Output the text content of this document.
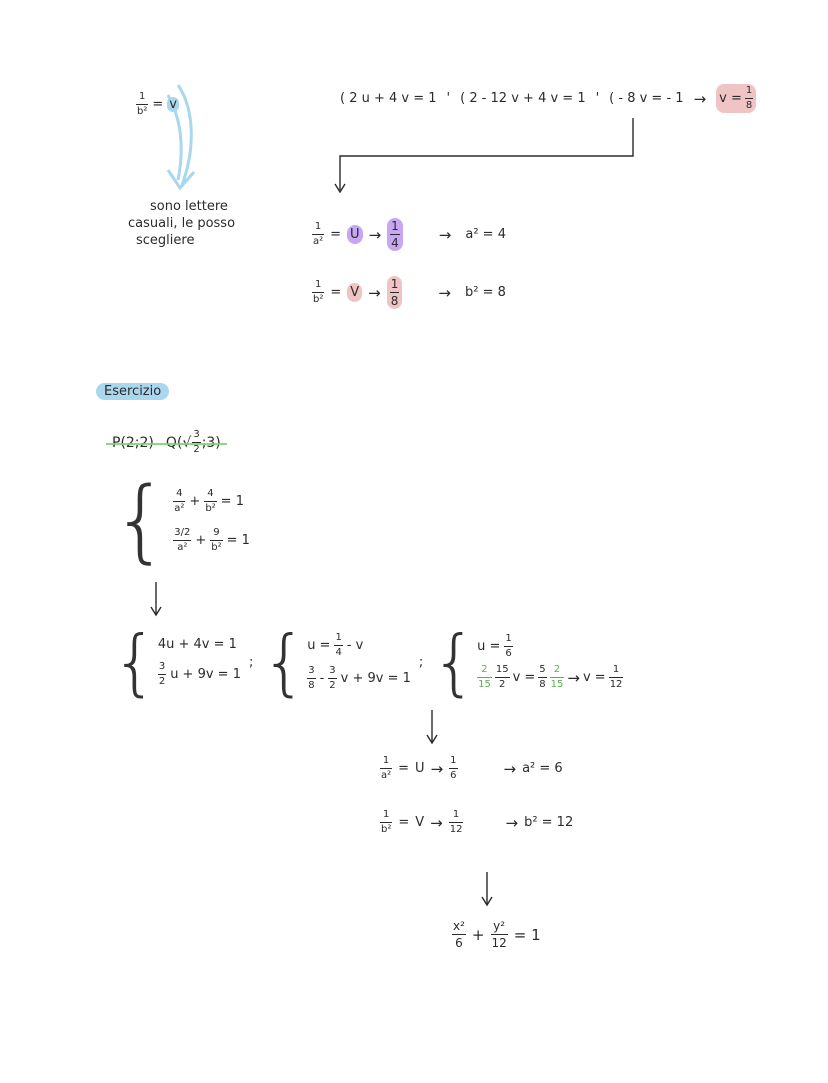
$\frac{1}{\text{b²}} = v$
sono lettere
casuali, le posso
scegliere
( 2 u + 4 v = 1 ' ( 2 - 12 v + 4 v = 1 ' ( - 8 v = - $1 \to v = \frac{1}{8}$
$\frac{1}{\text{a²}} = U \to \frac{1}{4} \to a^2 = 4$
$\frac{1}{\text{b²}} = V \to \frac{1}{8} \to b^2 = 8$
Esercizio
P(2;2) $Q(√ \frac{3}{2}$ ;3)
{ $\frac{4}{\text{a²}} + \frac{4}{\text{b²}} = 1$
$\frac{3/2}{\text{a²}} + \frac{9}{\text{b²}} = 1$
{ 4u + 4v = 1
$\frac{3}{2}$ u + 9v = 1
; { $u = \frac{1}{4} - v$
$\frac{3}{8} - \frac{3}{2}$ v + 9v = 1
; { $u = \frac{1}{6}$
$\frac{2}{15} \frac{15}{2}$ $v = \frac{5}{8} \frac{2}{15} \to v = \frac{1}{12}$
$\frac{1}{\text{a²}} = U \to \frac{1}{6}$	→ a² = 6
$\frac{1}{\text{b²}} = V \to \frac{1}{12}$	→ b² = 12
$\frac{\text{x²}}{6} + \frac{\text{y²}}{12} = 1$
